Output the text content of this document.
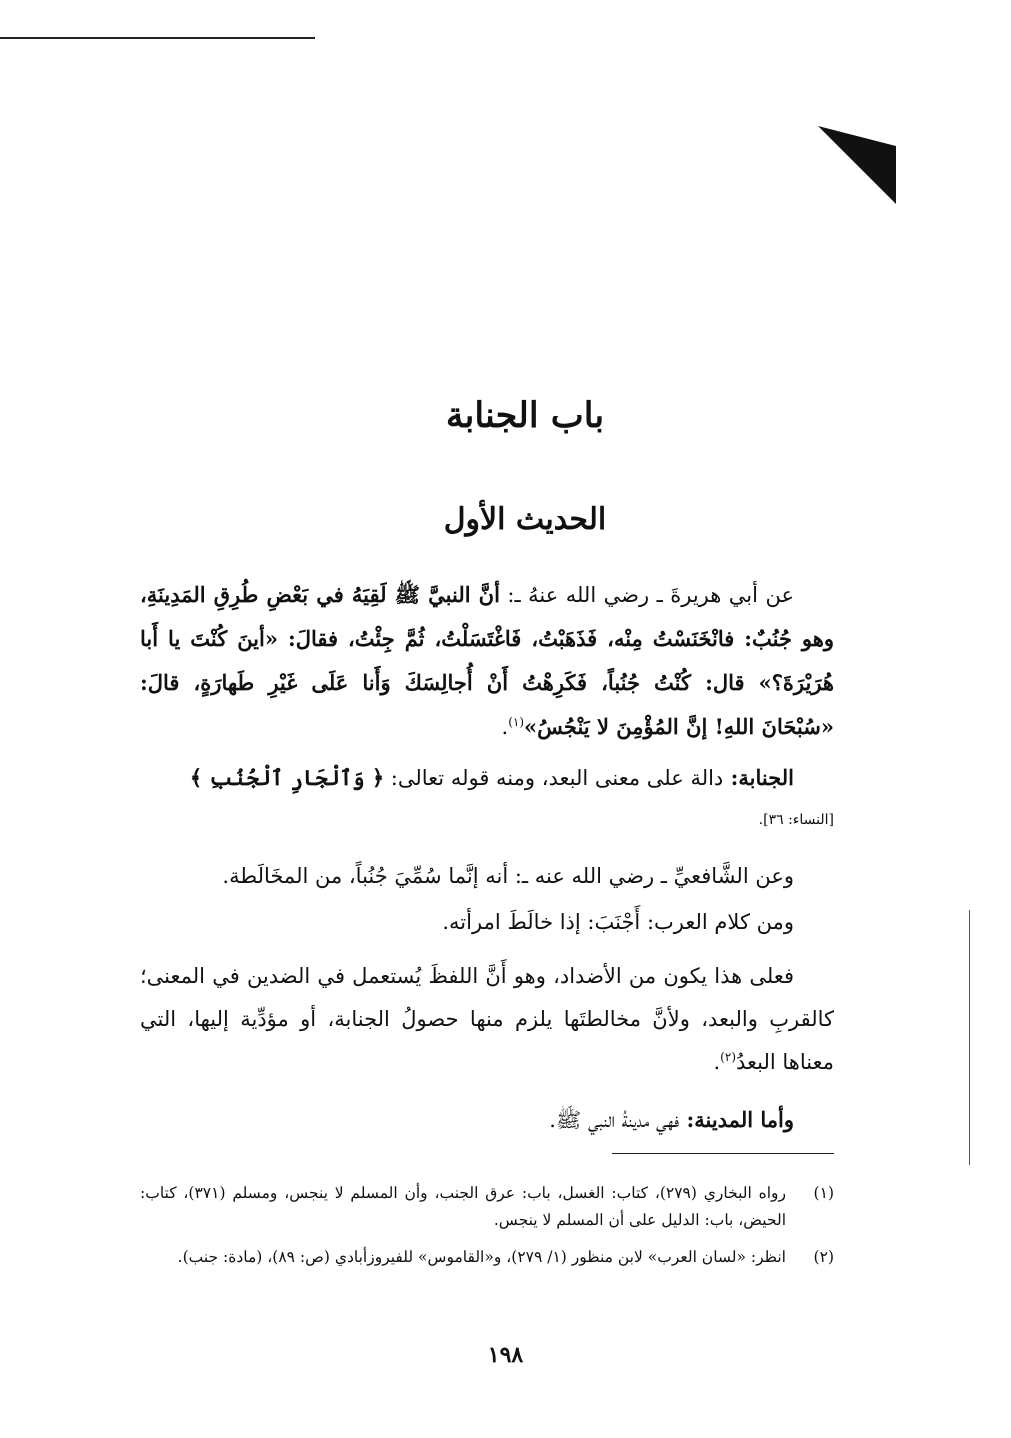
باب الجنابة
الحديث الأول

عن أبي هريرةَ ـ رضي الله عنهُ ـ: أنَّ النبيَّ ﷺ لَقِيَهُ في بَعْضِ طُرِقِ المَدِينَةِ، وهو جُنُبٌ: فانْخَنَسْتُ مِنْه، فَذَهَبْتُ، فَاغْتَسَلْتُ، ثُمَّ جِئْتُ، فقالَ: «أينَ كُنْتَ يا أَبا هُرَيْرَةَ؟» قال: كُنْتُ جُنُباً، فَكَرِهْتُ أَنْ أُجالِسَكَ وَأَنا عَلَى غَيْرِ طَهارَةٍ، قالَ: «سُبْحَانَ اللهِ! إنَّ المُؤْمِنَ لا يَنْجُسُ»$^{(١)}$.

الجنابة: دالة على معنى البعد، ومنه قوله تعالى: ﴿ وَٱلْجَارِ ٱلْجُنُبِ ﴾

[النساء: ٣٦].

وعن الشَّافعيِّ ـ رضي الله عنه ـ: أنه إنَّما سُمِّيَ جُنُباً، من المخَالَطة.

ومن كلام العرب: أَجْنَبَ: إذا خالَطَ امرأته.

فعلى هذا يكون من الأضداد، وهو أَنَّ اللفظَ يُستعمل في الضدين في المعنى؛ كالقربِ والبعد، ولأنَّ مخالطتَها يلزم منها حصولُ الجنابة، أو مؤدِّية إليها، التي معناها البعدُ$^{(٢)}$.

وأما المدينة: فهي مدينةُ النبي ﷺ.

(١)
رواه البخاري (٢٧٩)، كتاب: الغسل، باب: عرق الجنب، وأن المسلم لا ينجس، ومسلم (٣٧١)، كتاب: الحيض، باب: الدليل على أن المسلم لا ينجس.
(٢)
انظر: «لسان العرب» لابن منظور (١/ ٢٧٩)، و«القاموس» للفيروزأبادي (ص: ٨٩)، (مادة: جنب).
١٩٨
